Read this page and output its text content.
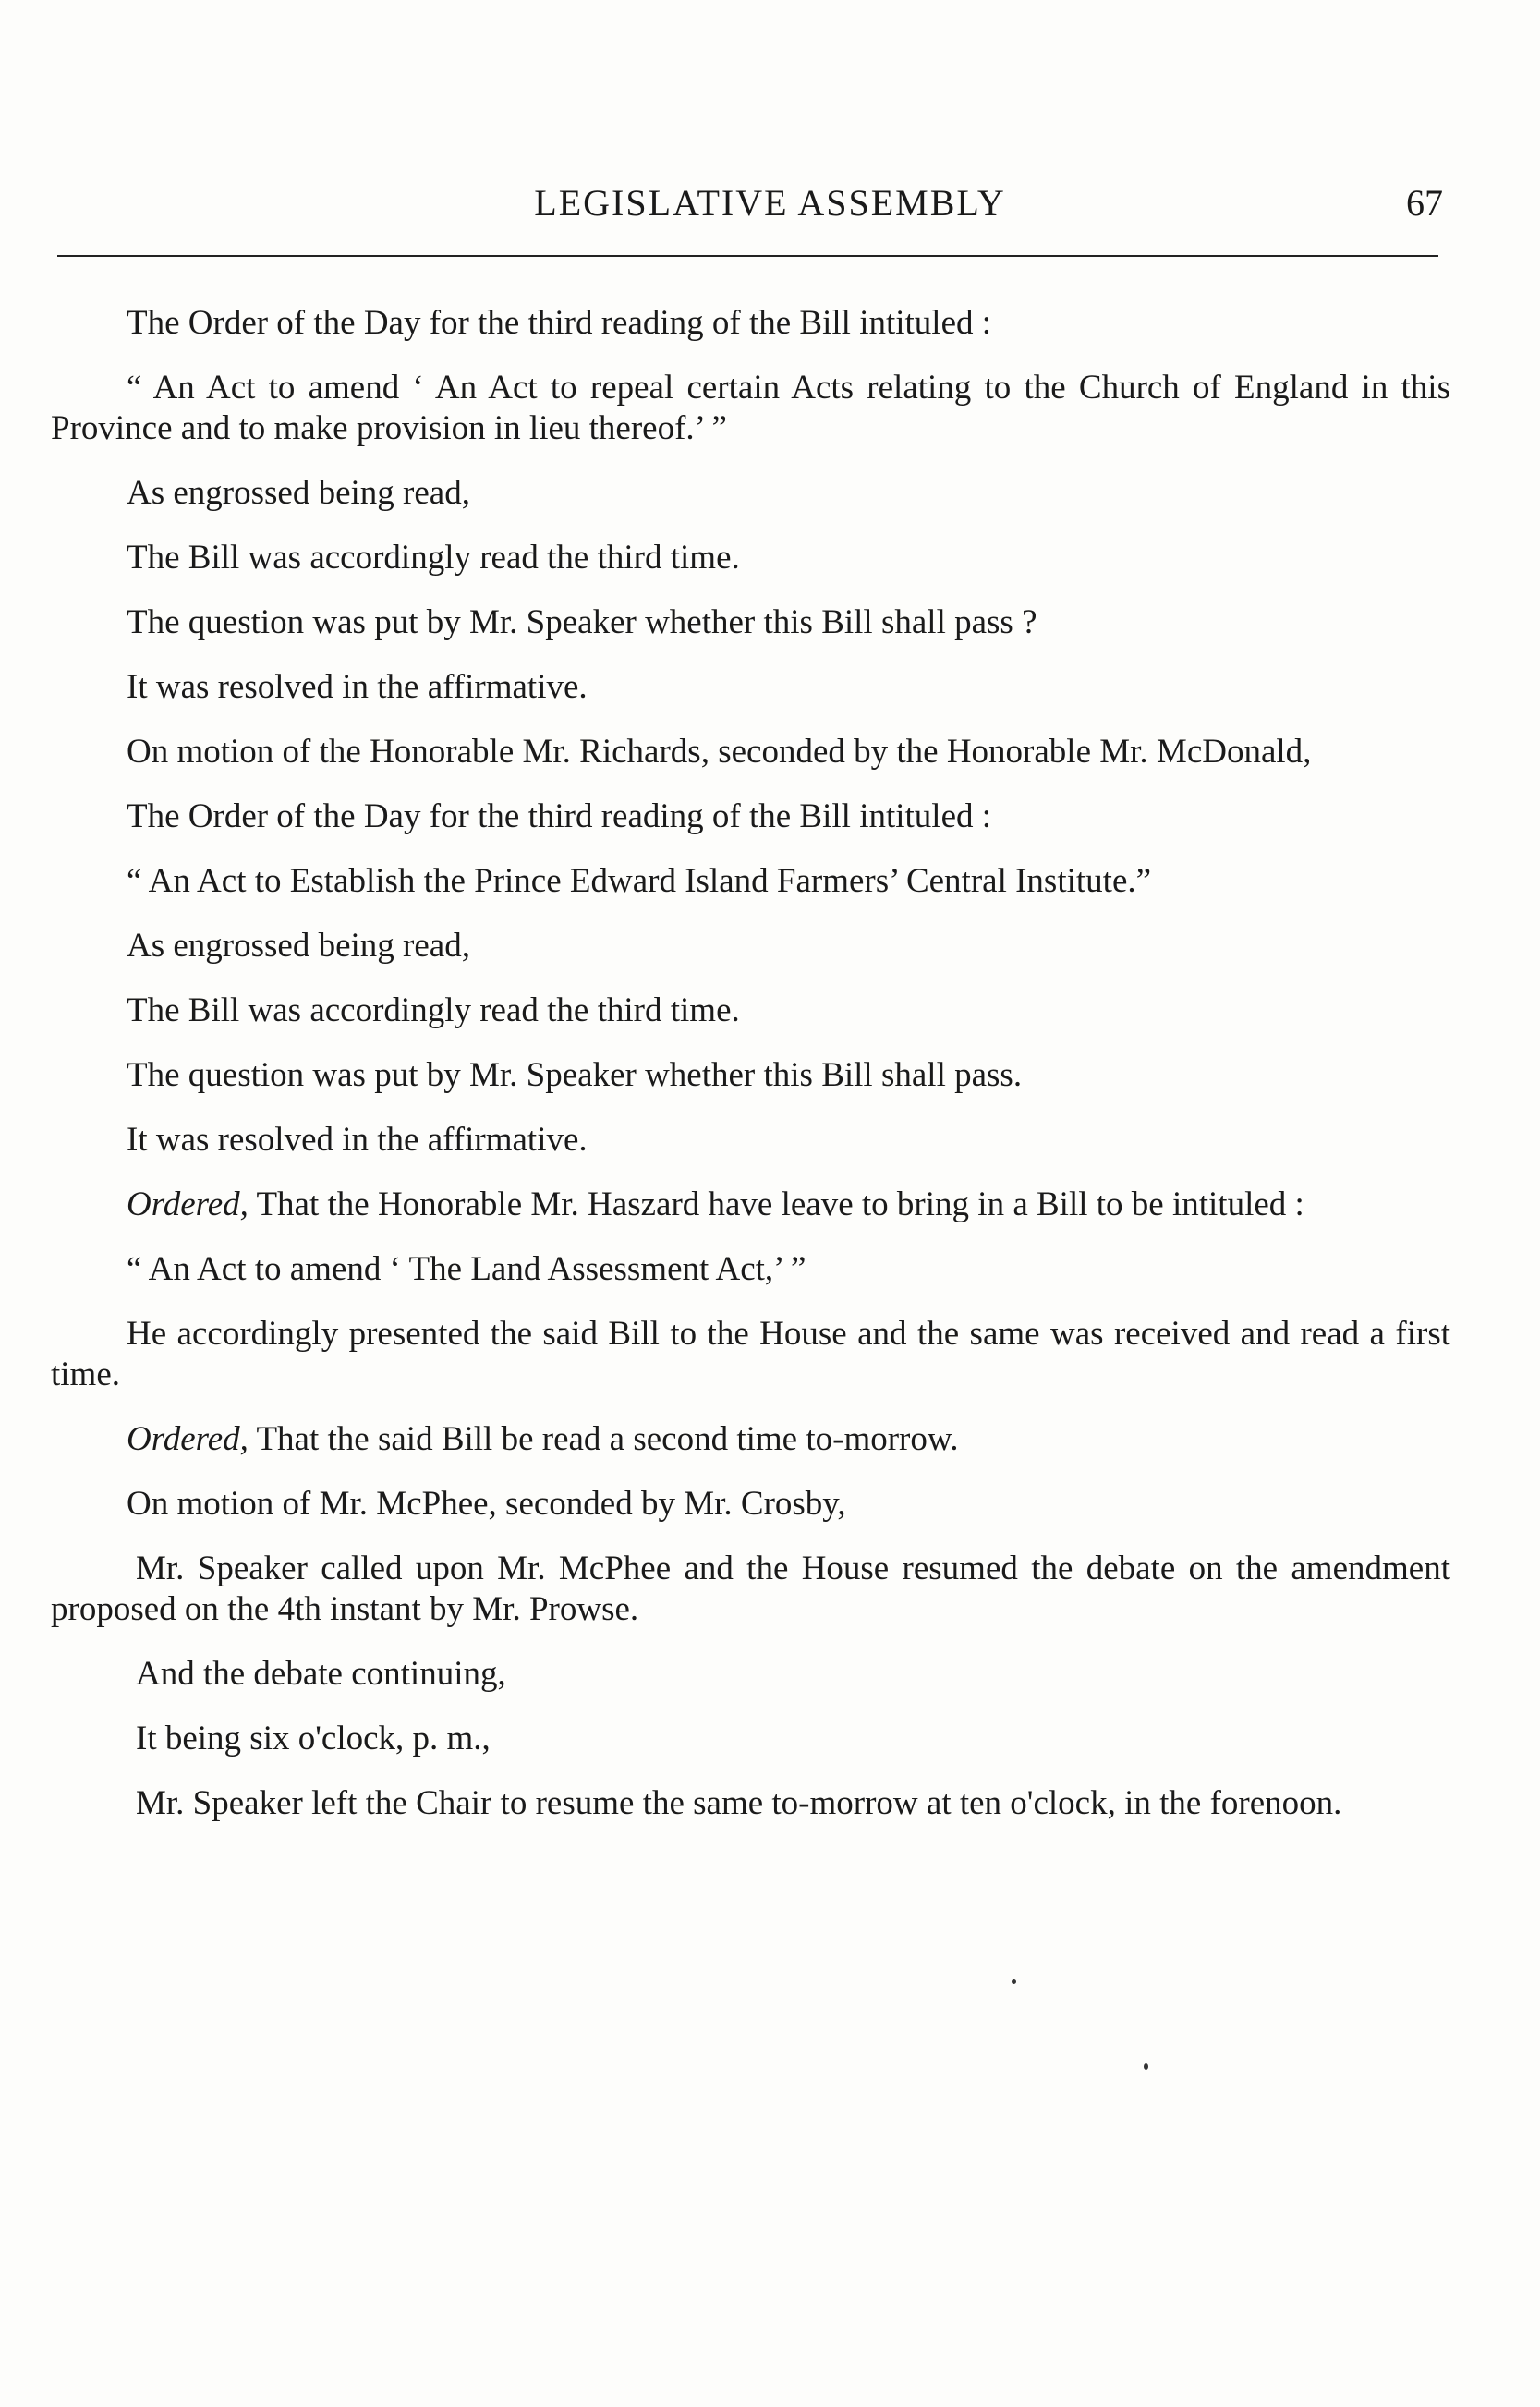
LEGISLATIVE ASSEMBLY	67

The Order of the Day for the third reading of the Bill intituled :

“ An Act to amend ‘ An Act to repeal certain Acts relating to the Church of England in this Province and to make provision in lieu thereof.’ ”

As engrossed being read,

The Bill was accordingly read the third time.

The question was put by Mr. Speaker whether this Bill shall pass ?

It was resolved in the affirmative.

On motion of the Honorable Mr. Richards, seconded by the Honorable Mr. McDonald,

The Order of the Day for the third reading of the Bill intituled :

“ An Act to Establish the Prince Edward Island Farmers’ Central Institute.”

As engrossed being read,

The Bill was accordingly read the third time.

The question was put by Mr. Speaker whether this Bill shall pass.

It was resolved in the affirmative.

Ordered, That the Honorable Mr. Haszard have leave to bring in a Bill to be intituled :

“ An Act to amend ‘ The Land Assessment Act,’ ”

He accordingly presented the said Bill to the House and the same was received and read a first time.

Ordered, That the said Bill be read a second time to-morrow.

On motion of Mr. McPhee, seconded by Mr. Crosby,

Mr. Speaker called upon Mr. McPhee and the House resumed the debate on the amendment proposed on the 4th instant by Mr. Prowse.

And the debate continuing,

It being six o'clock, p. m.,

Mr. Speaker left the Chair to resume the same to-morrow at ten o'clock, in the forenoon.
